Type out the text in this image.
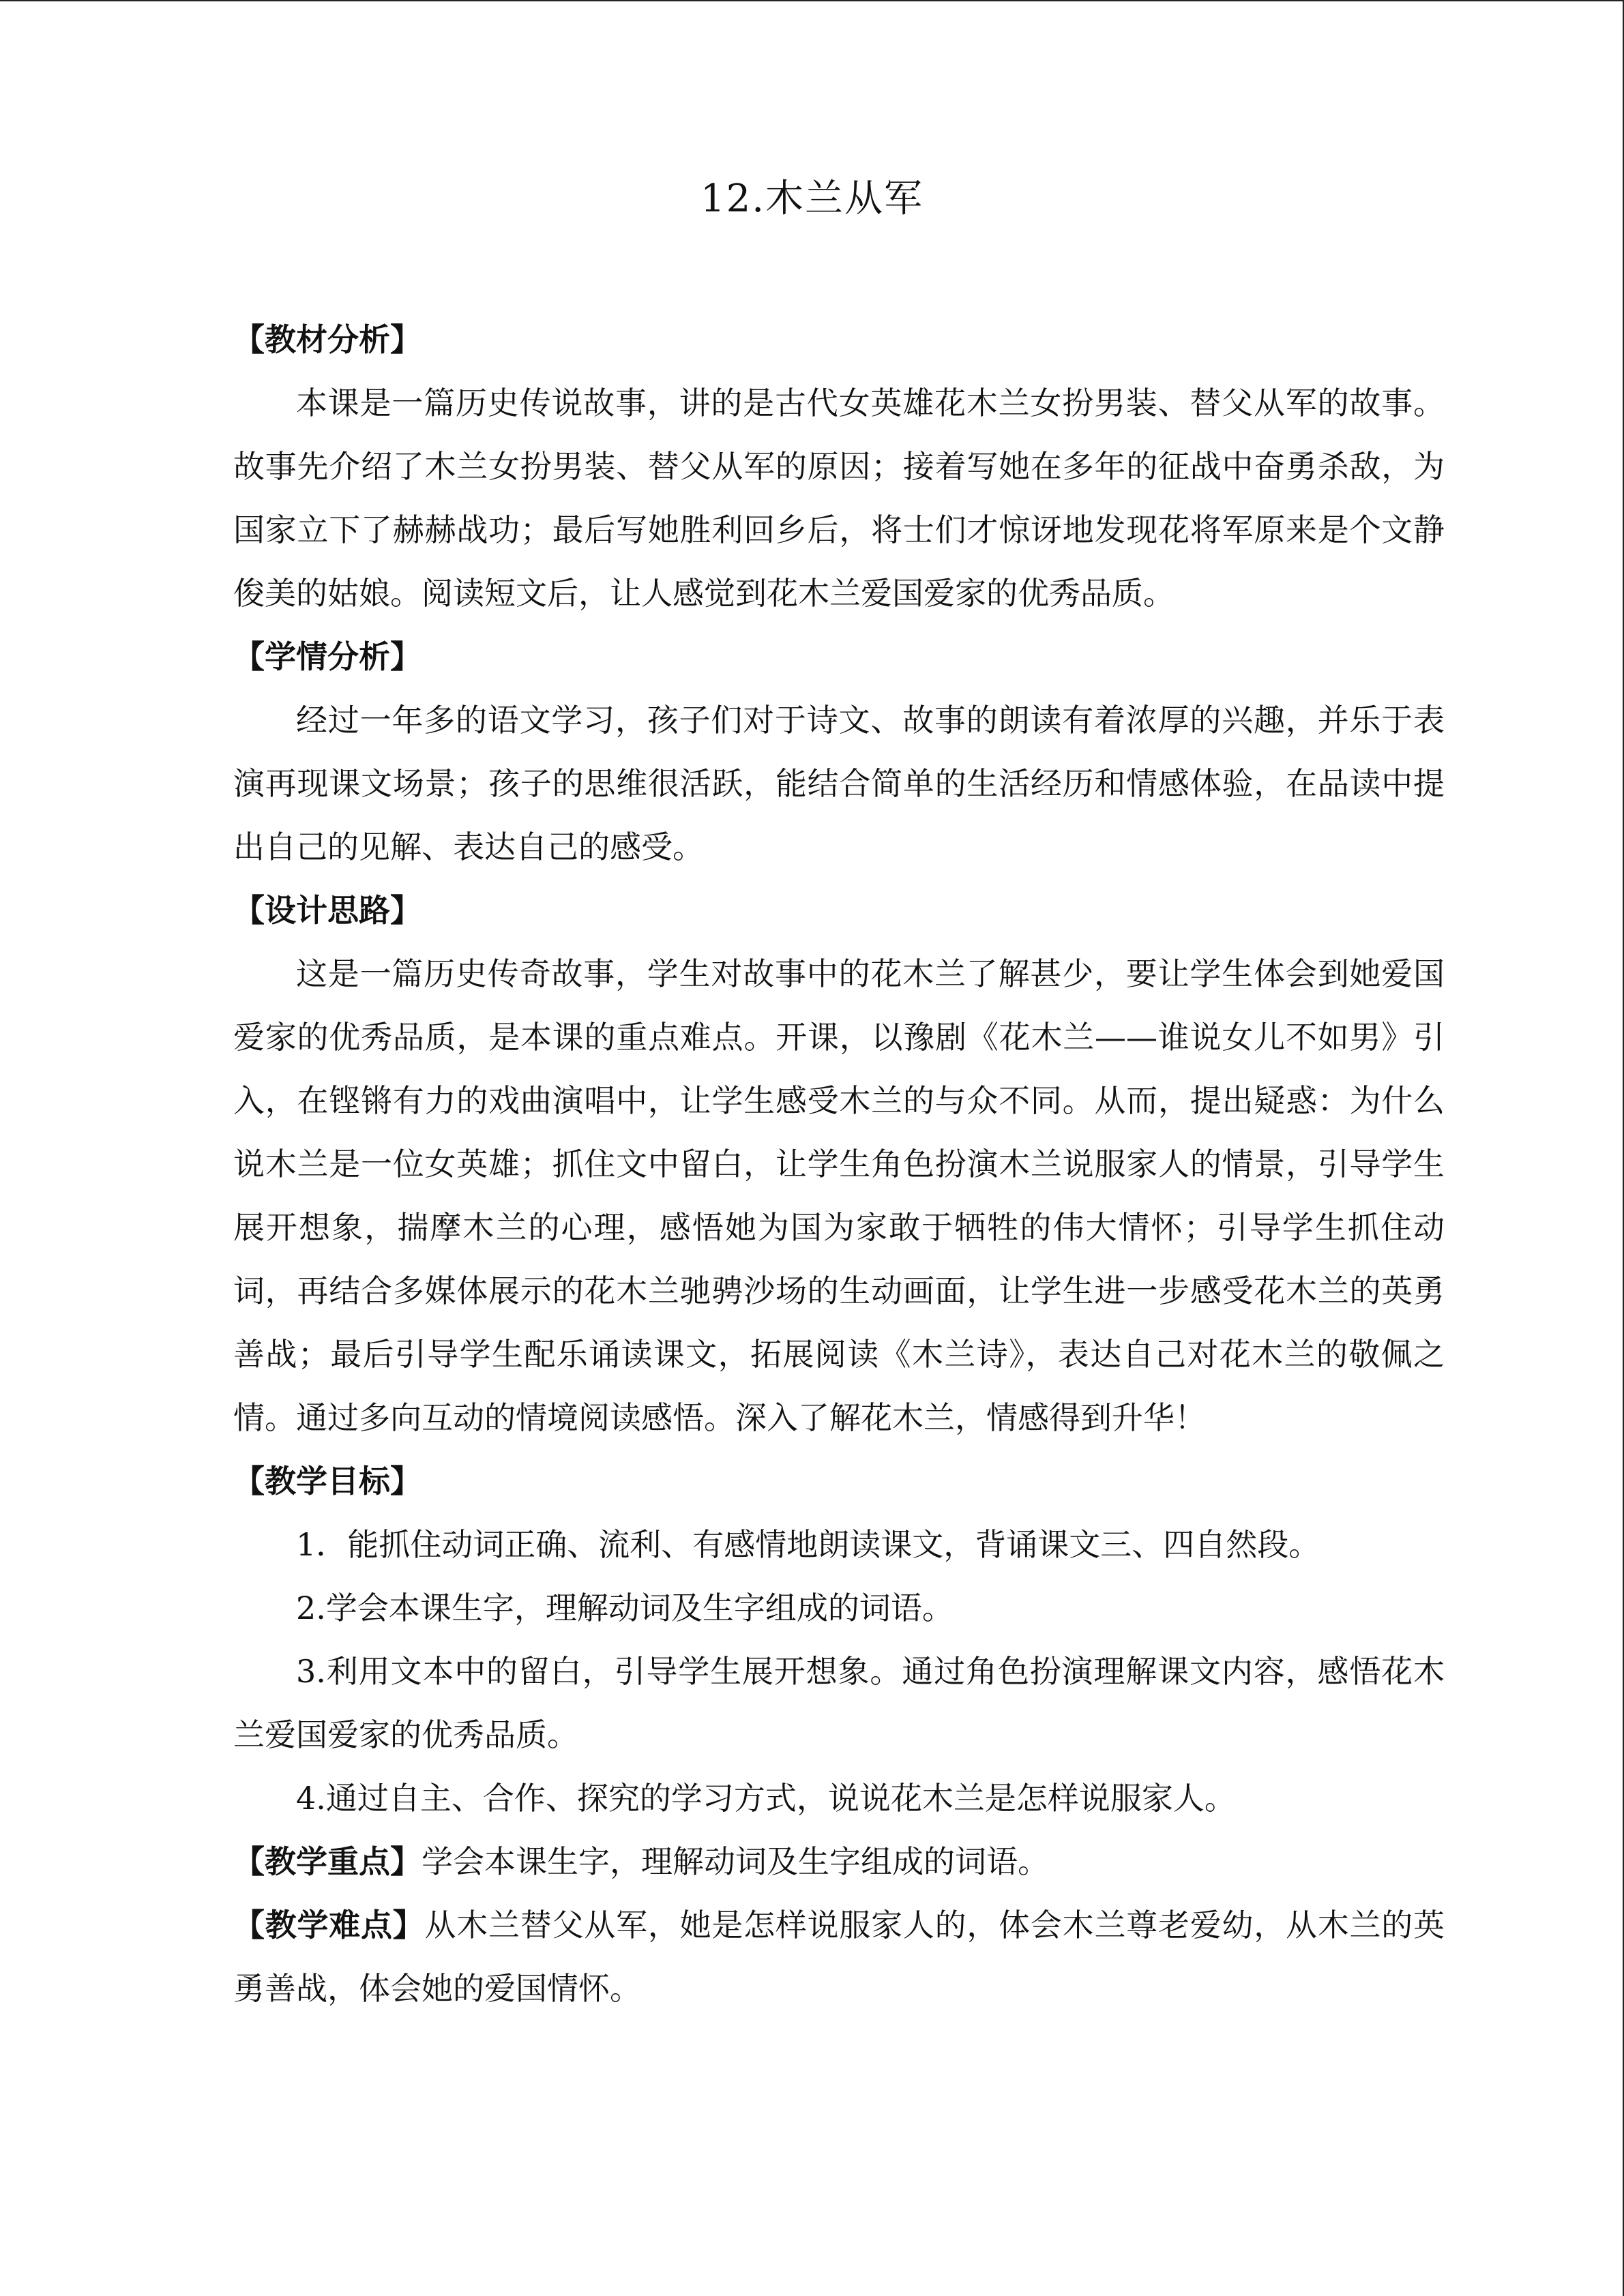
12.木兰从军

【教材分析】

本课是一篇历史传说故事，讲的是古代女英雄花木兰女扮男装、替父从军的故事。故事先介绍了木兰女扮男装、替父从军的原因；接着写她在多年的征战中奋勇杀敌，为国家立下了赫赫战功；最后写她胜利回乡后，将士们才惊讶地发现花将军原来是个文静俊美的姑娘。阅读短文后，让人感觉到花木兰爱国爱家的优秀品质。

【学情分析】

经过一年多的语文学习，孩子们对于诗文、故事的朗读有着浓厚的兴趣，并乐于表演再现课文场景；孩子的思维很活跃，能结合简单的生活经历和情感体验，在品读中提出自己的见解、表达自己的感受。

【设计思路】

这是一篇历史传奇故事，学生对故事中的花木兰了解甚少，要让学生体会到她爱国爱家的优秀品质，是本课的重点难点。开课，以豫剧《花木兰——谁说女儿不如男》引入，在铿锵有力的戏曲演唱中，让学生感受木兰的与众不同。从而，提出疑惑：为什么说木兰是一位女英雄；抓住文中留白，让学生角色扮演木兰说服家人的情景，引导学生展开想象，揣摩木兰的心理，感悟她为国为家敢于牺牲的伟大情怀；引导学生抓住动词，再结合多媒体展示的花木兰驰骋沙场的生动画面，让学生进一步感受花木兰的英勇善战；最后引导学生配乐诵读课文，拓展阅读《木兰诗》，表达自己对花木兰的敬佩之情。通过多向互动的情境阅读感悟。深入了解花木兰，情感得到升华！

【教学目标】

1．能抓住动词正确、流利、有感情地朗读课文，背诵课文三、四自然段。

2.学会本课生字，理解动词及生字组成的词语。

3.利用文本中的留白，引导学生展开想象。通过角色扮演理解课文内容，感悟花木兰爱国爱家的优秀品质。

4.通过自主、合作、探究的学习方式，说说花木兰是怎样说服家人。

【教学重点】学会本课生字，理解动词及生字组成的词语。

【教学难点】从木兰替父从军，她是怎样说服家人的，体会木兰尊老爱幼，从木兰的英勇善战，体会她的爱国情怀。
